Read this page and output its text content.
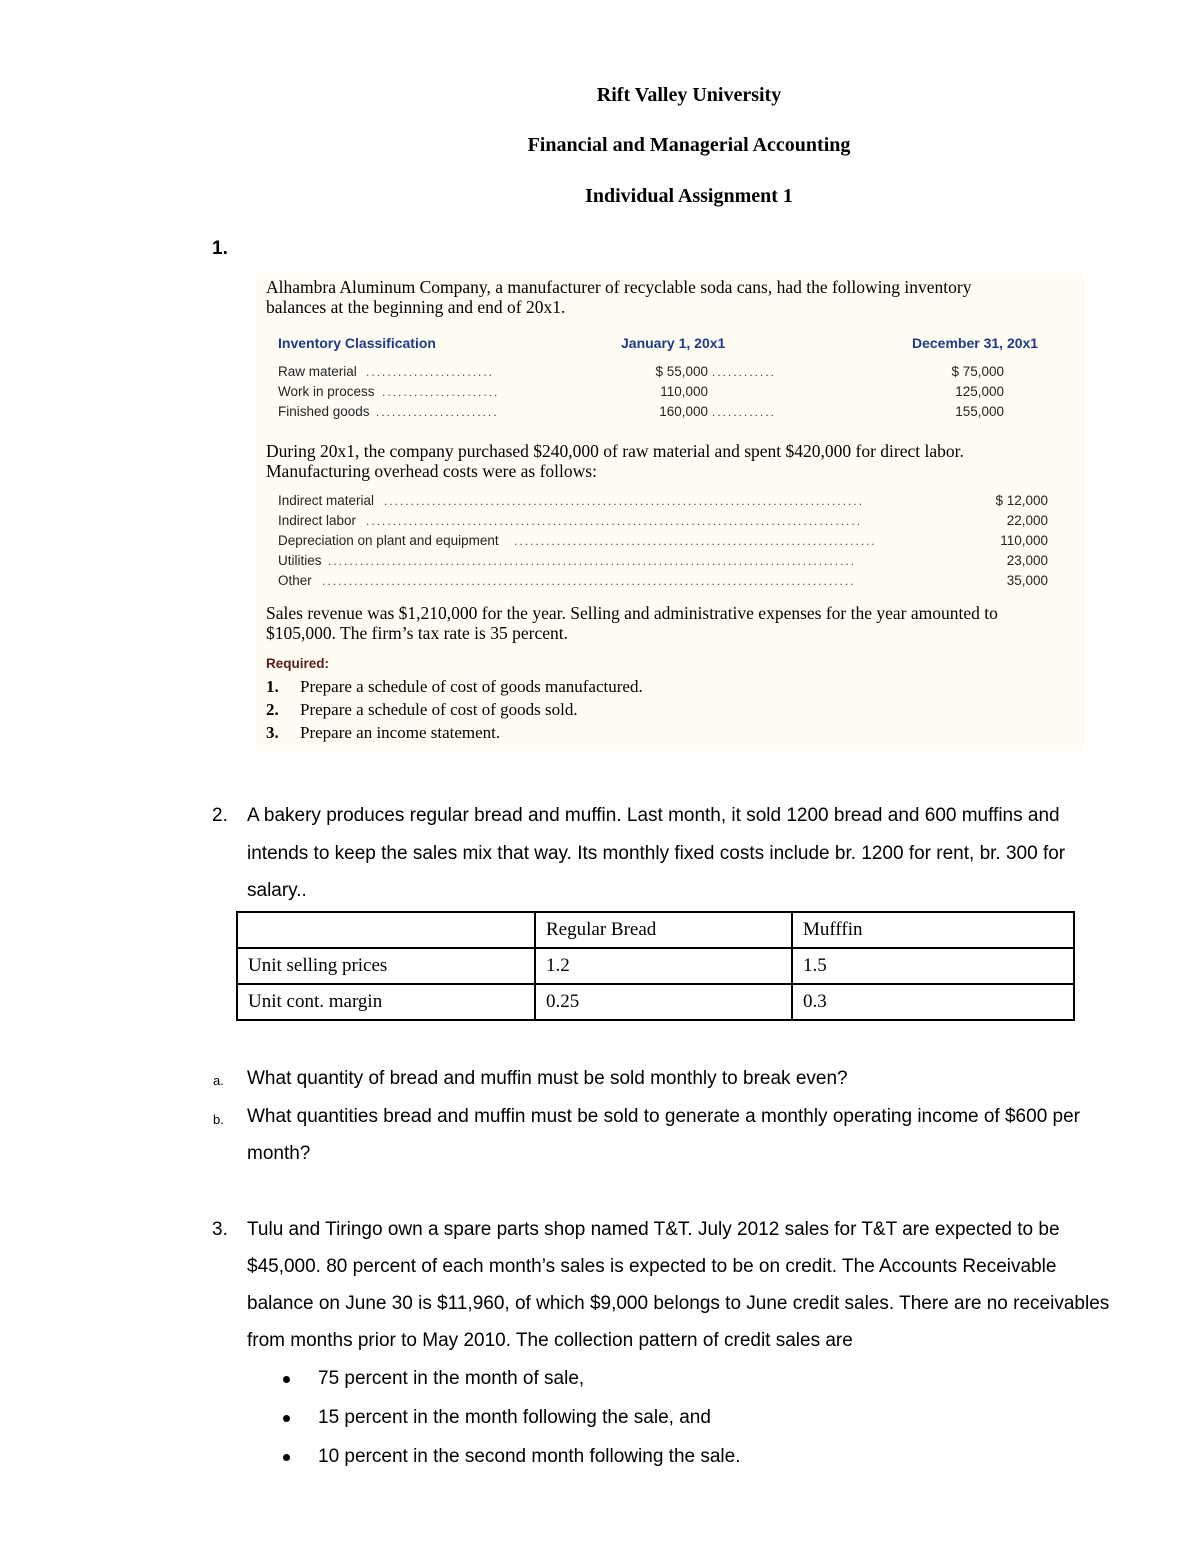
Rift Valley University
Financial and Managerial Accounting
Individual Assignment 1
1.
Alhambra Aluminum Company, a manufacturer of recyclable soda cans, had the following inventory
balances at the beginning and end of 20x1.
Inventory Classification	January 1, 20x1	December 31, 20x1
Raw material ........................	$ 55,000 ............	$ 75,000
Work in process ......................	110,000	125,000
Finished goods .......................	160,000 ............	155,000
During 20x1, the company purchased $240,000 of raw material and spent $420,000 for direct labor.
Manufacturing overhead costs were as follows:
Indirect material ..........................................................................................	$ 12,000
Indirect labor .............................................................................................	22,000
Depreciation on plant and equipment ....................................................................	110,000
Utilities ...................................................................................................	23,000
Other ....................................................................................................	35,000
Sales revenue was $1,210,000 for the year. Selling and administrative expenses for the year amounted to
$105,000. The firm’s tax rate is 35 percent.
Required:
1. Prepare a schedule of cost of goods manufactured.
2. Prepare a schedule of cost of goods sold.
3. Prepare an income statement.
2. A bakery produces regular bread and muffin. Last month, it sold 1200 bread and 600 muffins and
intends to keep the sales mix that way. Its monthly fixed costs include br. 1200 for rent, br. 300 for
salary..
	Regular Bread	Mufffin
Unit selling prices	1.2	1.5
Unit cont. margin	0.25	0.3
a. What quantity of bread and muffin must be sold monthly to break even?
b. What quantities bread and muffin must be sold to generate a monthly operating income of $600 per
month?
3. Tulu and Tiringo own a spare parts shop named T&T. July 2012 sales for T&T are expected to be
$45,000. 80 percent of each month’s sales is expected to be on credit. The Accounts Receivable
balance on June 30 is $11,960, of which $9,000 belongs to June credit sales. There are no receivables
from months prior to May 2010. The collection pattern of credit sales are
75 percent in the month of sale,
15 percent in the month following the sale, and
10 percent in the second month following the sale.
